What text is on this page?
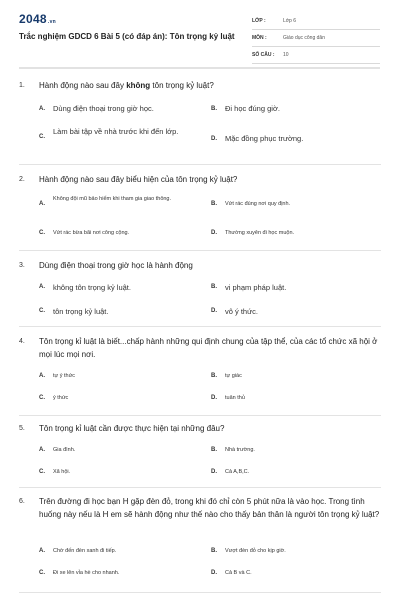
2048.vn
Trắc nghiệm GDCD 6 Bài 5 (có đáp án): Tôn trọng kỷ luật
LỚP :	Lớp 6
MÔN :	Giáo dục công dân
SỐ CÂU :	10
1. Hành động nào sau đây không tôn trọng kỷ luật?
A. Dùng điện thoại trong giờ học.	B. Đi học đúng giờ.
C.
Làm bài tập về nhà trước khi đến lớp.
D. Mặc đồng phục trường.
2. Hành động nào sau đây biểu hiện của tôn trọng kỷ luật?
A.
Không đội mũ bảo hiểm khi tham gia giao thông.
B. Vứt rác đúng nơi quy định.
C. Vứt rác bừa bãi nơi công cộng.	D. Thường xuyên đi học muộn.
3. Dùng điện thoại trong giờ học là hành động
A. không tôn trọng kỷ luật.	B. vi phạm pháp luật.
C. tôn trọng kỷ luật.	D. vô ý thức.
4. Tôn trọng kỉ luật là biết...chấp hành những qui định chung của tập thể, của các tổ chức xã hội ở mọi lúc mọi nơi.
A. tự ý thức	B. tự giác
C. ý thức	D. tuân thủ
5. Tôn trọng kỉ luật cần được thực hiện tại những đâu?
A. Gia đình.	B. Nhà trường.
C. Xã hội.	D. Cả A,B,C.
6. Trên đường đi học bạn H gặp đèn đỏ, trong khi đó chỉ còn 5 phút nữa là vào học. Trong tình huống này nếu là H em sẽ hành động như thế nào cho thấy bản thân là người tôn trọng kỷ luật?
A. Chờ đến đèn xanh đi tiếp.	B. Vượt đèn đỏ cho kịp giờ.
C. Đi xe lên vỉa hè cho nhanh.	D. Cả B và C.
